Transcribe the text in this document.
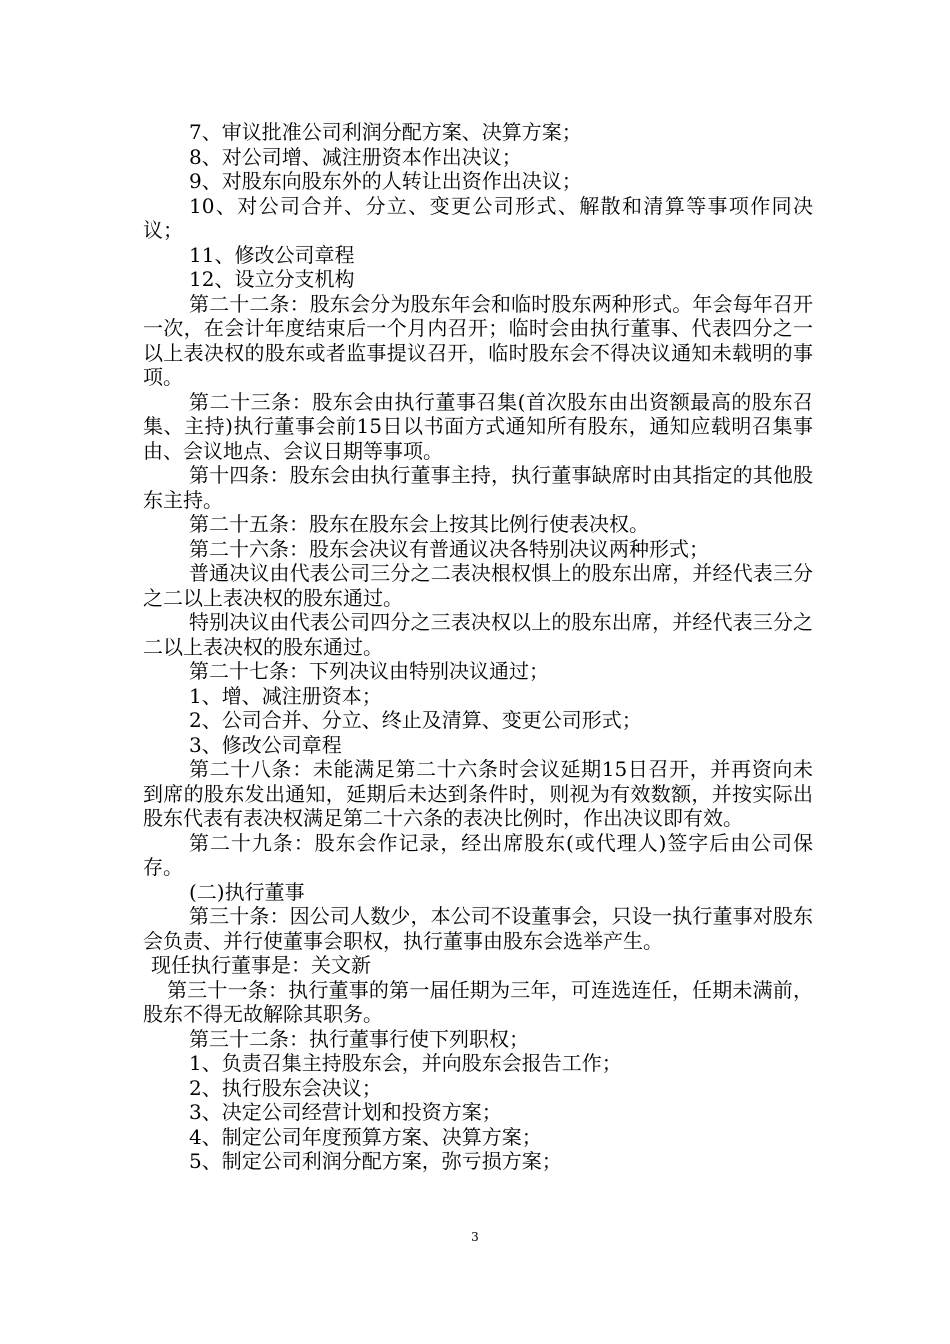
7、审议批准公司利润分配方案、决算方案；

8、对公司增、减注册资本作出决议；

9、对股东向股东外的人转让出资作出决议；

10、对公司合并、分立、变更公司形式、解散和清算等事项作同决议；

11、修改公司章程

12、设立分支机构

第二十二条：股东会分为股东年会和临时股东两种形式。年会每年召开一次，在会计年度结束后一个月内召开；临时会由执行董事、代表四分之一以上表决权的股东或者监事提议召开，临时股东会不得决议通知未载明的事项。

第二十三条：股东会由执行董事召集(首次股东由出资额最高的股东召集、主持)执行董事会前15日以书面方式通知所有股东，通知应载明召集事由、会议地点、会议日期等事项。

第十四条：股东会由执行董事主持，执行董事缺席时由其指定的其他股东主持。

第二十五条：股东在股东会上按其比例行使表决权。

第二十六条：股东会决议有普通议决各特别决议两种形式；

普通决议由代表公司三分之二表决根权惧上的股东出席，并经代表三分之二以上表决权的股东通过。

特别决议由代表公司四分之三表决权以上的股东出席，并经代表三分之二以上表决权的股东通过。

第二十七条：下列决议由特别决议通过；

1、增、减注册资本；

2、公司合并、分立、终止及清算、变更公司形式；

3、修改公司章程

第二十八条：未能满足第二十六条时会议延期15日召开，并再资向未到席的股东发出通知，延期后未达到条件时，则视为有效数额，并按实际出股东代表有表决权满足第二十六条的表决比例时，作出决议即有效。

第二十九条：股东会作记录，经出席股东(或代理人)签字后由公司保存。

(二)执行董事

第三十条：因公司人数少，本公司不设董事会，只设一执行董事对股东会负责、并行使董事会职权，执行董事由股东会选举产生。

现任执行董事是：关文新

第三十一条：执行董事的第一届任期为三年，可连选连任，任期未满前，股东不得无故解除其职务。

第三十二条：执行董事行使下列职权；

1、负责召集主持股东会，并向股东会报告工作；

2、执行股东会决议；

3、决定公司经营计划和投资方案；

4、制定公司年度预算方案、决算方案；

5、制定公司利润分配方案，弥亏损方案；

3
